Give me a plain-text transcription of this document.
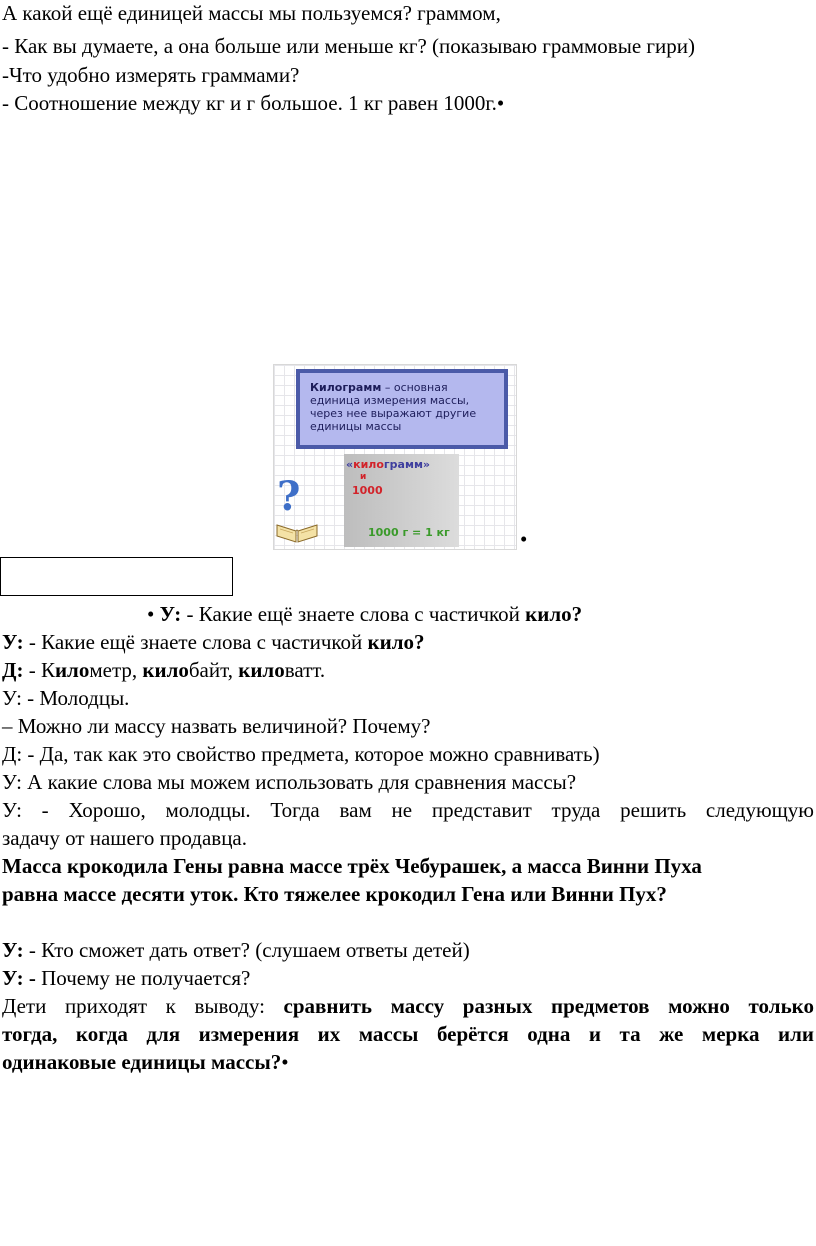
А какой ещё единицей массы мы пользуемся? граммом,
- Как вы думаете, а она больше или меньше кг? (показываю граммовые гири)
-Что удобно измерять граммами?
- Соотношение между кг и г большое. 1 кг равен 1000г.•
Килограмм – основная
единица измерения массы,
через нее выражают другие
единицы массы
«килограмм»
и
1000
1000 г = 1 кг
?
•
• У: - Какие ещё знаете слова с частичкой кило?
У: - Какие ещё знаете слова с частичкой кило?
Д: - Километр, килобайт, киловатт.
У: - Молодцы.
– Можно ли массу назвать величиной? Почему?
Д: - Да, так как это свойство предмета, которое можно сравнивать)
У: А какие слова мы можем использовать для сравнения массы?
У: - Хорошо, молодцы. Тогда вам не представит труда решить следующую
задачу от нашего продавца.
Масса крокодила Гены равна массе трёх Чебурашек, а масса Винни Пуха
равна массе десяти уток. Кто тяжелее крокодил Гена или Винни Пух?
У: - Кто сможет дать ответ? (слушаем ответы детей)
У: - Почему не получается?
Дети приходят к выводу: сравнить массу разных предметов можно только
тогда, когда для измерения их массы берётся одна и та же мерка или
одинаковые единицы массы?•
